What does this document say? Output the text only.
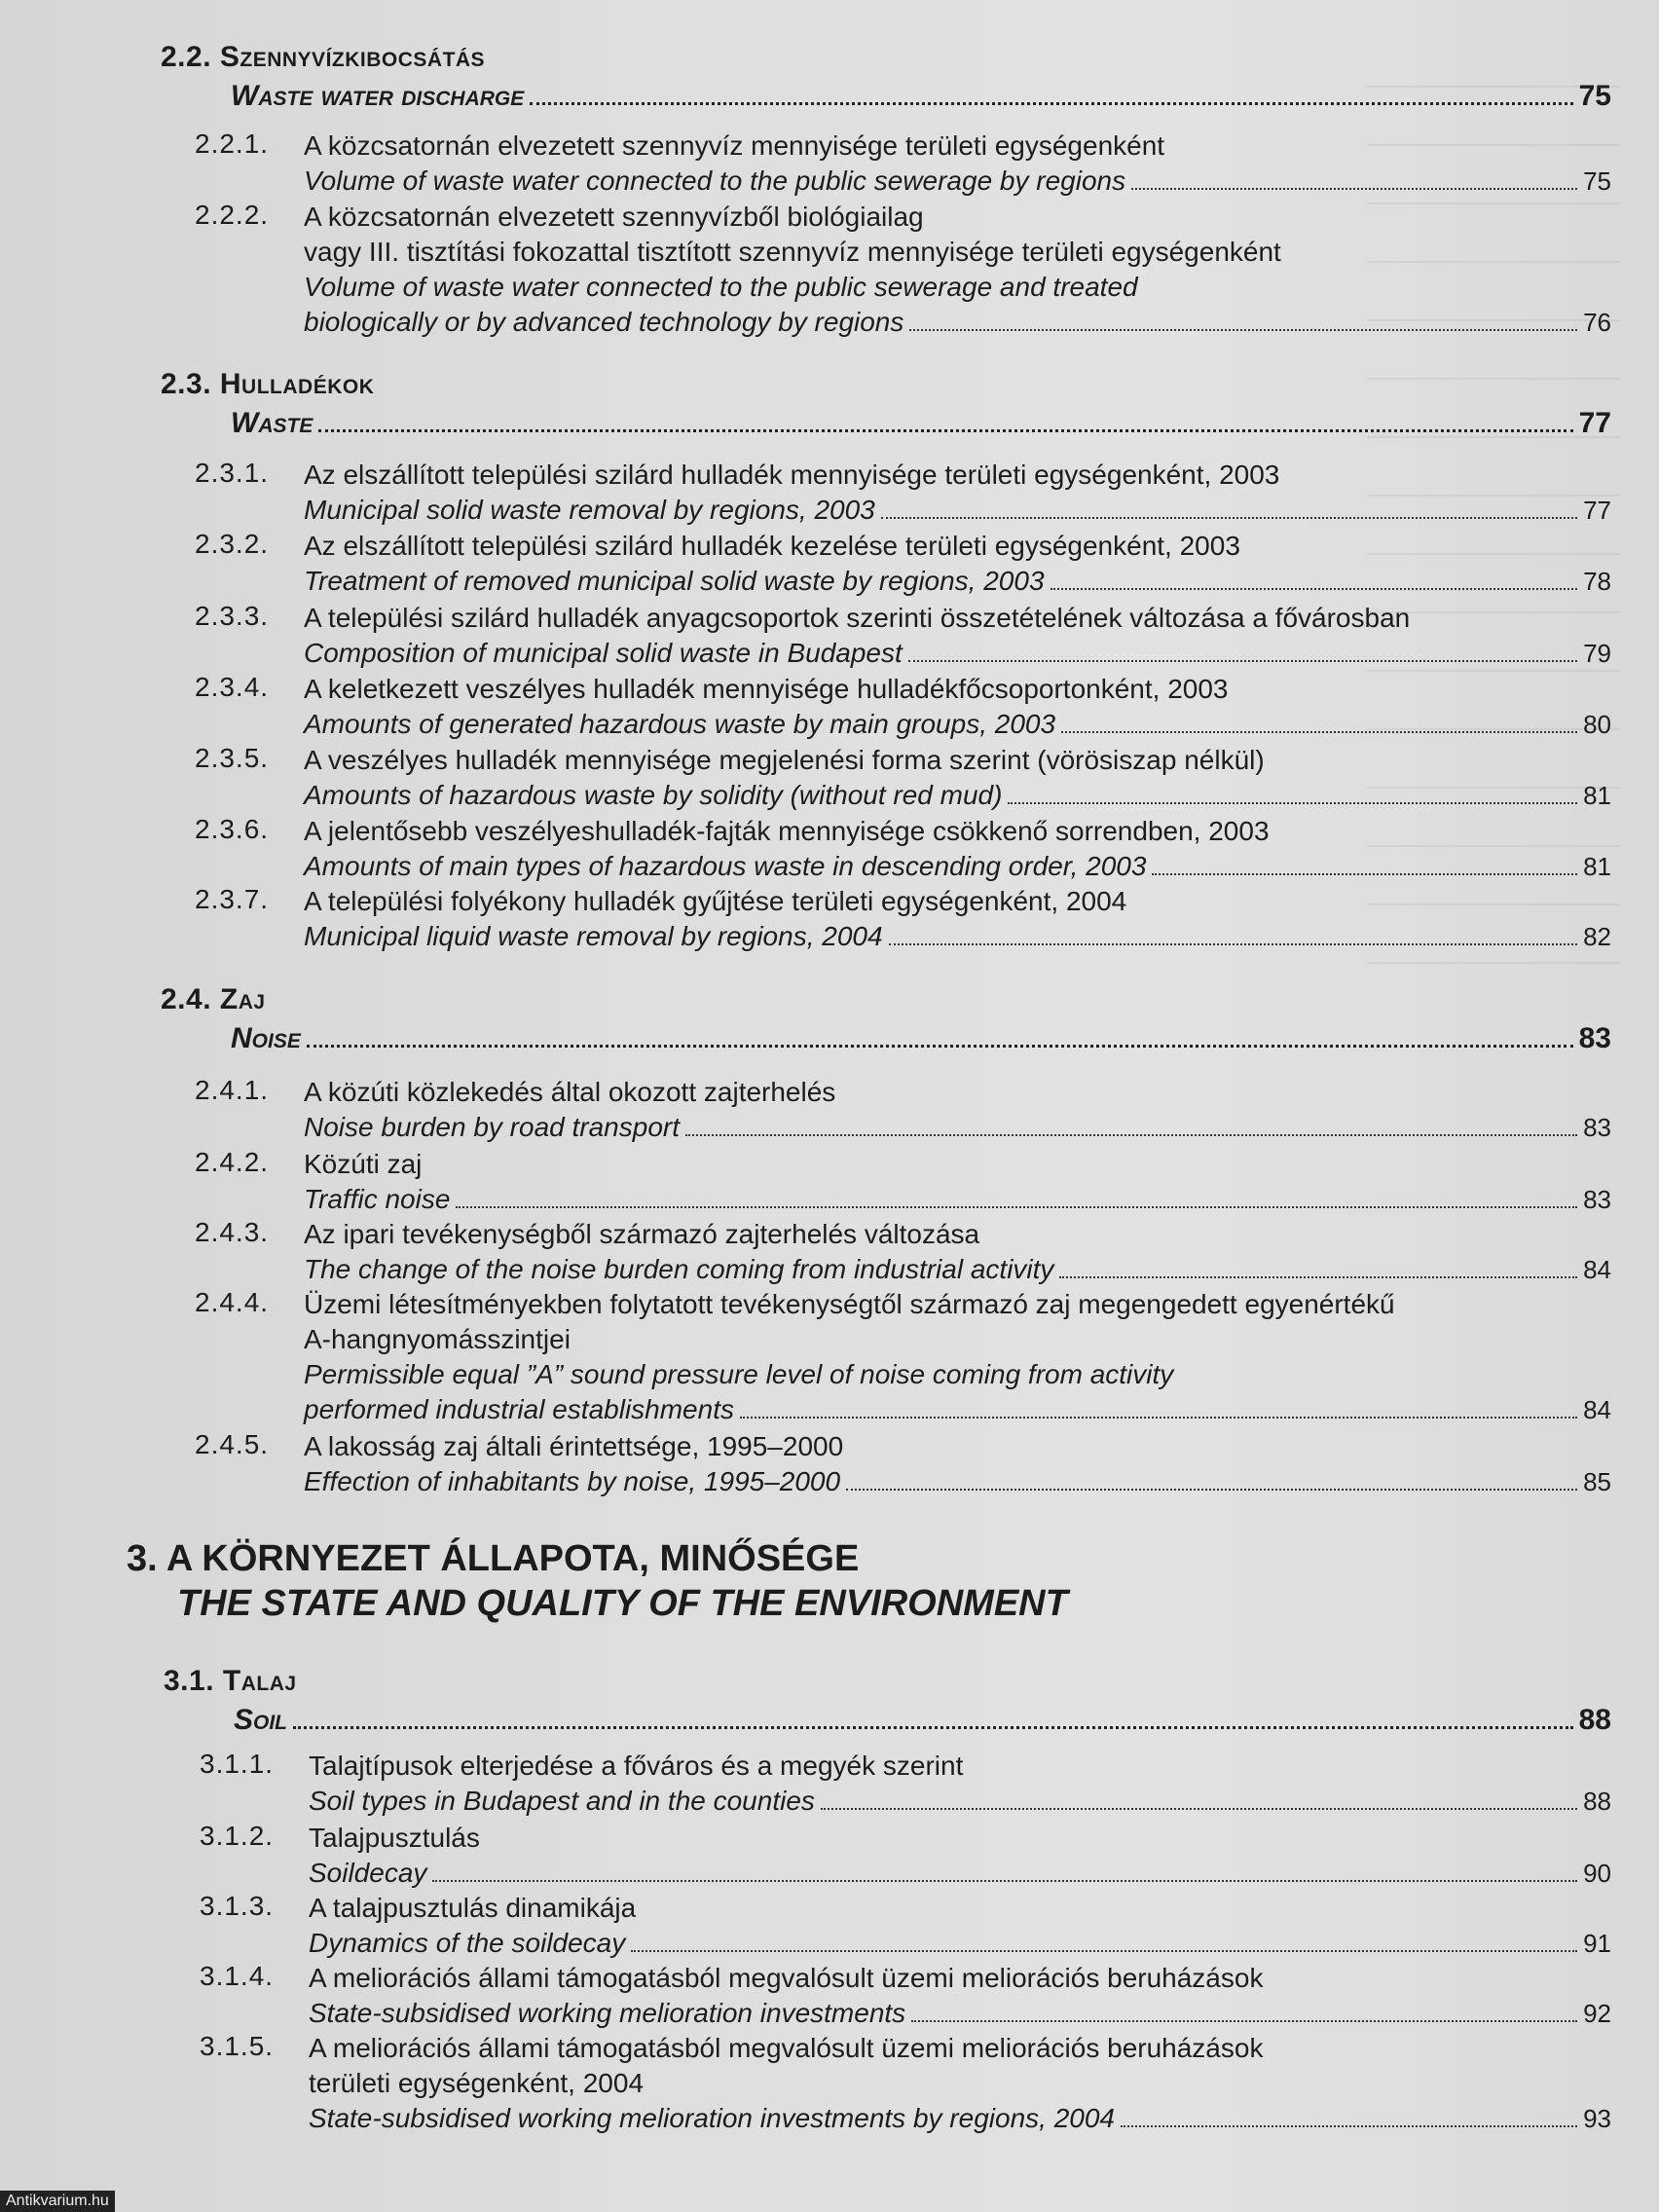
2.2. Szennyvízkibocsátás
Waste water discharge	75
2.2.1.	A közcsatornán elvezetett szennyvíz mennyisége területi egységenként
Volume of waste water connected to the public sewerage by regions	75
2.2.2.	A közcsatornán elvezetett szennyvízből biológiailag
vagy III. tisztítási fokozattal tisztított szennyvíz mennyisége területi egységenként
Volume of waste water connected to the public sewerage and treated
biologically or by advanced technology by regions	76
2.3. Hulladékok
Waste	77
2.3.1.	Az elszállított települési szilárd hulladék mennyisége területi egységenként, 2003
Municipal solid waste removal by regions, 2003	77
2.3.2.	Az elszállított települési szilárd hulladék kezelése területi egységenként, 2003
Treatment of removed municipal solid waste by regions, 2003	78
2.3.3.	A települési szilárd hulladék anyagcsoportok szerinti összetételének változása a fővárosban
Composition of municipal solid waste in Budapest	79
2.3.4.	A keletkezett veszélyes hulladék mennyisége hulladékfőcsoportonként, 2003
Amounts of generated hazardous waste by main groups, 2003	80
2.3.5.	A veszélyes hulladék mennyisége megjelenési forma szerint (vörösiszap nélkül)
Amounts of hazardous waste by solidity (without red mud)	81
2.3.6.	A jelentősebb veszélyeshulladék-fajták mennyisége csökkenő sorrendben, 2003
Amounts of main types of hazardous waste in descending order, 2003	81
2.3.7.	A települési folyékony hulladék gyűjtése területi egységenként, 2004
Municipal liquid waste removal by regions, 2004	82
2.4. Zaj
Noise	83
2.4.1.	A közúti közlekedés által okozott zajterhelés
Noise burden by road transport	83
2.4.2.	Közúti zaj
Traffic noise	83
2.4.3.	Az ipari tevékenységből származó zajterhelés változása
The change of the noise burden coming from industrial activity	84
2.4.4.	Üzemi létesítményekben folytatott tevékenységtől származó zaj megengedett egyenértékű
A-hangnyomásszintjei
Permissible equal ”A” sound pressure level of noise coming from activity
performed industrial establishments	84
2.4.5.	A lakosság zaj általi érintettsége, 1995–2000
Effection of inhabitants by noise, 1995–2000	85
3.1. Talaj
Soil	88
3.1.1.	Talajtípusok elterjedése a főváros és a megyék szerint
Soil types in Budapest and in the counties	88
3.1.2.	Talajpusztulás
Soildecay	90
3.1.3.	A talajpusztulás dinamikája
Dynamics of the soildecay	91
3.1.4.	A meliorációs állami támogatásból megvalósult üzemi meliorációs beruházások
State-subsidised working melioration investments	92
3.1.5.	A meliorációs állami támogatásból megvalósult üzemi meliorációs beruházások
területi egységenként, 2004
State-subsidised working melioration investments by regions, 2004	93
3. A KÖRNYEZET ÁLLAPOTA, MINŐSÉGE
THE STATE AND QUALITY OF THE ENVIRONMENT
Antikvarium.hu
